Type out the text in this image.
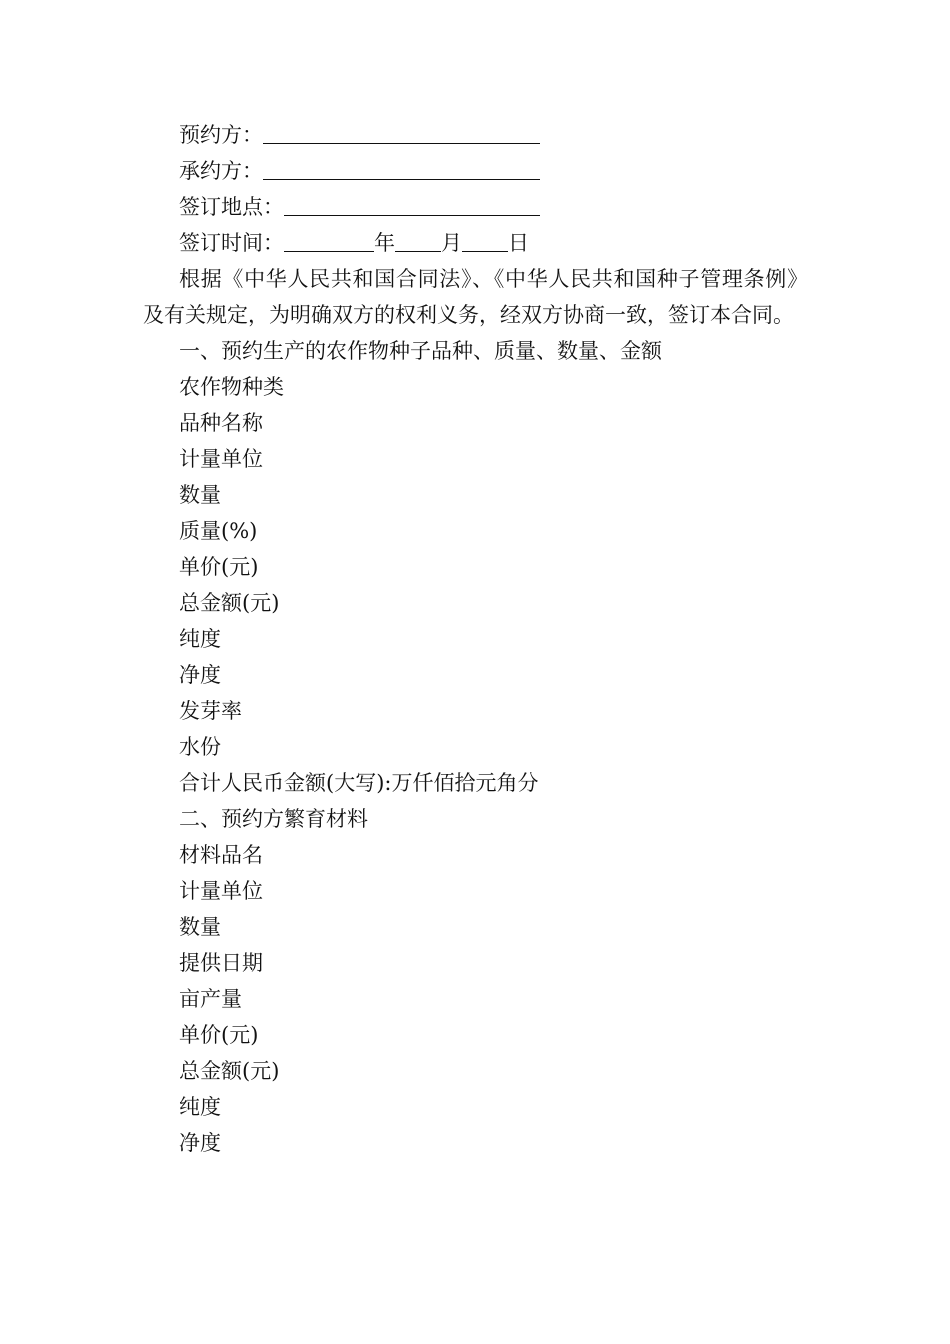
预约方：
承约方：
签订地点：
签订时间：	年 月 日
根据《中华人民共和国合同法》、《中华人民共和国种子管理条例》及有关规定，为明确双方的权利义务，经双方协商一致，签订本合同。
一、预约生产的农作物种子品种、质量、数量、金额
农作物种类
品种名称
计量单位
数量
质量(%)
单价(元)
总金额(元)
纯度
净度
发芽率
水份
合计人民币金额(大写):万仟佰拾元角分
二、预约方繁育材料
材料品名
计量单位
数量
提供日期
亩产量
单价(元)
总金额(元)
纯度
净度
